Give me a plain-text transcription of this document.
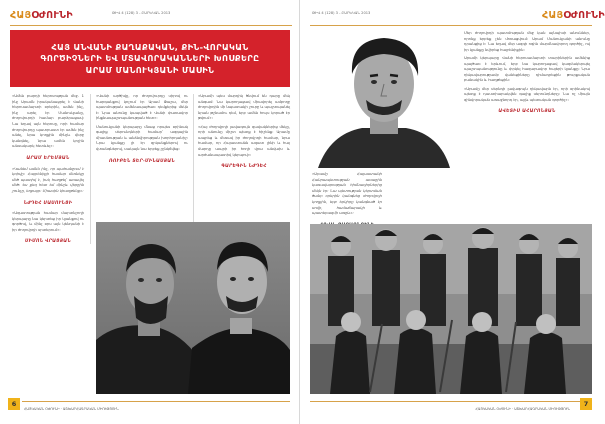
ՀԱՅՕԺՈՒՆԻ	ԹԻՎ 4 (128) 3 - ԲԱՐԵԿԱՆ 2013
ՀԱՅ ԱՆՎԱՆԻ ՔԱՂԱՔԱԿԱՆ, ՔԻՆ-ՎՈՐԱԿԱՆ
ԳՈՐԾԻՉՆԵՐԻ ԵՎ ՄՏԱՎՈՐԱԿԱՆՆԵՐԻ ԽՈՍՔԵՐԸ
ԱՐԱՄ ՄԱՆՈՒԿՅԱՆԻ ՄԱՍԻՆ

«Ամեն բարդի հերոսության մեջ. 1 ինչ Արամն իրականացրել է Վանի հերոսամարտի օրերին, ամեն ինչ, ինչ արել էր Մանուկյանը, ժողովուրդի համար բարձրացավ: Նա եղավ այն հերոսը, որի համար ժողովուրդը պատրաստ էր ամեն ինչ անել, նրա կողքին մինչև վերջ կանգնել, նրա ամեն կոչին անսակարկ հետևել»:

ԱՐԱՄ ԵՐԵՄՅԱՆ

«Կանեմ ամեն ինչ, որ պահանջում է կռիվը: Հայրենիքի համար մեռնելը մեծ պատիվ է, իսկ հաղթել՝ առավել մեծ: Ես քեզ հետ եմ մինչև վերջին շունչը, եղբայր: Միասին կհաղթենք»:

ՆԺԴԵՀ ՍԱՍՈՒՆՑԻ

«Ազատության համար մարտնչողի կերպարը նա կերտեց իր կյանքով ու գործով, և մինչ օրս այն կենդանի է իր ժողովրդի սրտերում»:

ՍԻՄՈՆ ՎՐԱՑՅԱՆ

«Վանի արծիվը, որ ժողովուրդը սիրով ու հարգանքով կոչում էր Արամ Փաշա, մեր պատմության ամենապայծառ դեմքերից մեկն է: Նրա անունը կապված է Վանի փառավոր ինքնապաշտպանության հետ»:

Մանուկյանի կերպարը մնաց որպես օրինակ գալիք սերունդների համար՝ ազգային միասնության և անձնվիրության խորհրդանիշ: Նրա կյանքը լի էր զրկանքներով ու վտանգներով, սակայն նա երբեք չընկճվեց:

ՌՈՒԲԵՆ ՏԵՐ-ՄԻՆԱՍՅԱՆ

«Արամի պես մարդիկ ծնվում են դարը մեկ անգամ: Նա կարողացավ միավորել ամբողջ ժողովրդին մի նպատակի շուրջ և պաշտպանել նրան թշնամու դեմ, երբ ամեն հույս կորած էր թվում»:

«Հայ ժողովրդի լավագույն զավակներից մեկը, որի անունը միշտ պետք է հիշենք: Արամը ապրեց և մեռավ իր ժողովրդի համար, նրա համար, որ Հայաստանն ազատ լինի և հայ մարդը ապրի իր հողի վրա անվախ և արժանապատիվ կերպով»:

ԳԱՐԵԳԻՆ ՆԺԴԵՀ
6
ՀԱՅԿԱԿԱՆ ՕԺՈՒՆԻ · ԱՇԽԱՐՀԱԳՐԱԿԱՆ ՄԻՈՒԹՅՈՒՆ
ԹԻՎ 4 (128) 3 - ԲԱՐԵԿԱՆ 2013	ՀԱՅՕԺՈՒՆԻ

«Արամը Հայաստանի Հանրապետության առաջին կառավարության հիմնադիրներից մեկն էր: Նա պետության կերտման ծանր օրերին կանգնեց ժողովրդի կողքին, երբ երկիրը կանգնած էր սովի, համաճարակի և պատերազմի առջև»:

Մեր ժողովրդի պատմության մեջ կան այնպիսի անուններ, որոնք երբեք չեն մոռացվում: Արամ Մանուկյանի անունը դրանցից է: Նա եղավ մեր ազգի ոգին մարմնավորող գործիչ, ով իր կյանքը նվիրեց հայրենիքին:

Արամի կերպարը Վանի հերոսամարտի տարիներին ամենից պայծառ է երևում, երբ նա կարողացավ կազմակերպել պաշտպանությունը և փրկել հազարավոր հայերի կյանքը: Նրա ղեկավարությամբ վանեցիները դիմադրեցին թուրքական բանակին և հաղթեցին:

«Արամը մեր սերնդի լավագույն ղեկավարն էր, որի օրինակով պետք է դաստիարակվեն գալիք սերունդները: Նա ոչ միայն զինվորական առաջնորդ էր, այլև պետական գործիչ»:

ԱՎԵՏԻՍ ԱՀԱՐՈՆՅԱՆ
ՀԱՅԿԱԿԱՆ ՕԺՈՒՆԻ · ԱՇԽԱՐՀԱԳՐԱԿԱՆ ՄԻՈՒԹՅՈՒՆ
7
